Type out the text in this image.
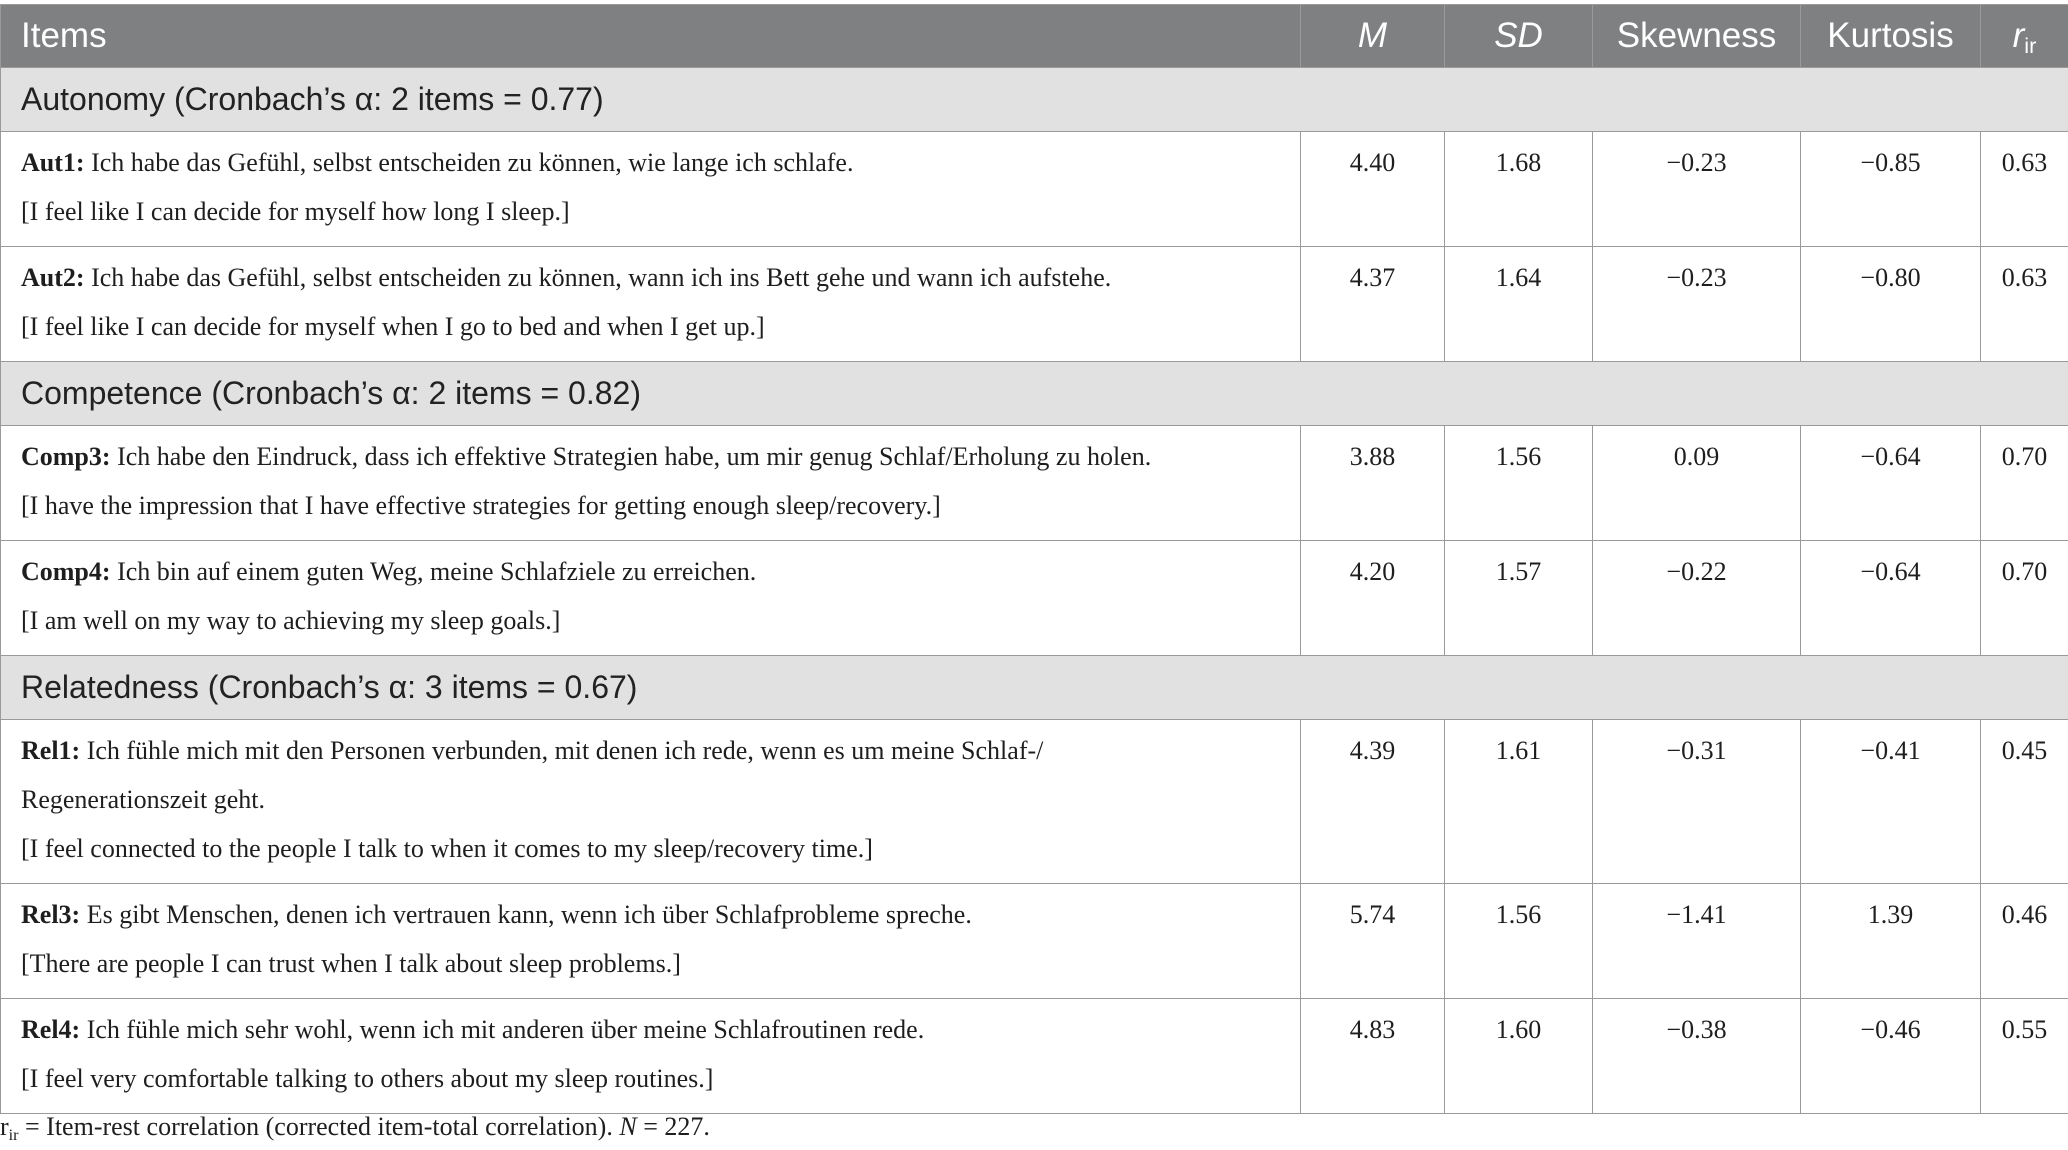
Items	M	SD	Skewness	Kurtosis	rir
Autonomy (Cronbach’s α: 2 items = 0.77)					
Aut1: Ich habe das Gefühl, selbst entscheiden zu können, wie lange ich schlafe.
[I feel like I can decide for myself how long I sleep.]	4.40	1.68	−0.23	−0.85	0.63
Aut2: Ich habe das Gefühl, selbst entscheiden zu können, wann ich ins Bett gehe und wann ich aufstehe.
[I feel like I can decide for myself when I go to bed and when I get up.]	4.37	1.64	−0.23	−0.80	0.63
Competence (Cronbach’s α: 2 items = 0.82)					
Comp3: Ich habe den Eindruck, dass ich effektive Strategien habe, um mir genug Schlaf/Erholung zu holen.
[I have the impression that I have effective strategies for getting enough sleep/recovery.]	3.88	1.56	0.09	−0.64	0.70
Comp4: Ich bin auf einem guten Weg, meine Schlafziele zu erreichen.
[I am well on my way to achieving my sleep goals.]	4.20	1.57	−0.22	−0.64	0.70
Relatedness (Cronbach’s α: 3 items = 0.67)					
Rel1: Ich fühle mich mit den Personen verbunden, mit denen ich rede, wenn es um meine Schlaf-/
Regenerationszeit geht.
[I feel connected to the people I talk to when it comes to my sleep/recovery time.]	4.39	1.61	−0.31	−0.41	0.45
Rel3: Es gibt Menschen, denen ich vertrauen kann, wenn ich über Schlafprobleme spreche.
[There are people I can trust when I talk about sleep problems.]	5.74	1.56	−1.41	1.39	0.46
Rel4: Ich fühle mich sehr wohl, wenn ich mit anderen über meine Schlafroutinen rede.
[I feel very comfortable talking to others about my sleep routines.]	4.83	1.60	−0.38	−0.46	0.55
rir = Item-rest correlation (corrected item-total correlation). N = 227.
